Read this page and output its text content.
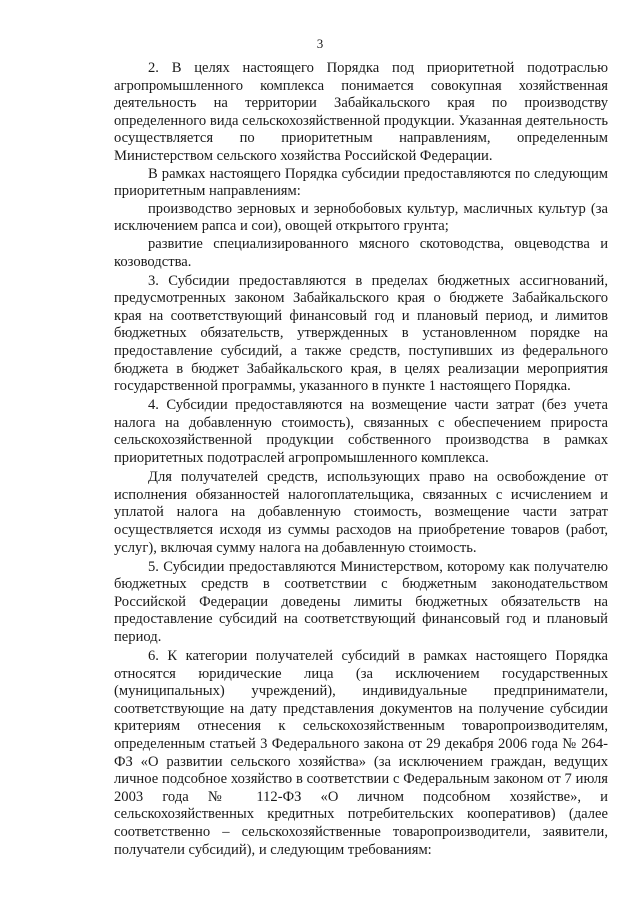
3

2. В целях настоящего Порядка под приоритетной подотраслью агропромышленного комплекса понимается совокупная хозяйственная деятельность на территории Забайкальского края по производству определенного вида сельскохозяйственной продукции. Указанная деятельность осуществляется по приоритетным направлениям, определенным Министерством сельского хозяйства Российской Федерации.

В рамках настоящего Порядка субсидии предоставляются по следующим приоритетным направлениям:

производство зерновых и зернобобовых культур, масличных культур (за исключением рапса и сои), овощей открытого грунта;

развитие специализированного мясного скотоводства, овцеводства и козоводства.

3. Субсидии предоставляются в пределах бюджетных ассигнований, предусмотренных законом Забайкальского края о бюджете Забайкальского края на соответствующий финансовый год и плановый период, и лимитов бюджетных обязательств, утвержденных в установленном порядке на предоставление субсидий, а также средств, поступивших из федерального бюджета в бюджет Забайкальского края, в целях реализации мероприятия государственной программы, указанного в пункте 1 настоящего Порядка.

4. Субсидии предоставляются на возмещение части затрат (без учета налога на добавленную стоимость), связанных с обеспечением прироста сельскохозяйственной продукции собственного производства в рамках приоритетных подотраслей агропромышленного комплекса.

Для получателей средств, использующих право на освобождение от исполнения обязанностей налогоплательщика, связанных с исчислением и уплатой налога на добавленную стоимость, возмещение части затрат осуществляется исходя из суммы расходов на приобретение товаров (работ, услуг), включая сумму налога на добавленную стоимость.

5. Субсидии предоставляются Министерством, которому как получателю бюджетных средств в соответствии с бюджетным законодательством Российской Федерации доведены лимиты бюджетных обязательств на предоставление субсидий на соответствующий финансовый год и плановый период.

6. К категории получателей субсидий в рамках настоящего Порядка относятся юридические лица (за исключением государственных (муниципальных) учреждений), индивидуальные предприниматели, соответствующие на дату представления документов на получение субсидии критериям отнесения к сельскохозяйственным товаропроизводителям, определенным статьей 3 Федерального закона от 29 декабря 2006 года № 264-ФЗ «О развитии сельского хозяйства» (за исключением граждан, ведущих личное подсобное хозяйство в соответствии с Федеральным законом от 7 июля 2003 года № 112-ФЗ «О личном подсобном хозяйстве», и сельскохозяйственных кредитных потребительских кооперативов) (далее соответственно – сельскохозяйственные товаропроизводители, заявители, получатели субсидий), и следующим требованиям:
